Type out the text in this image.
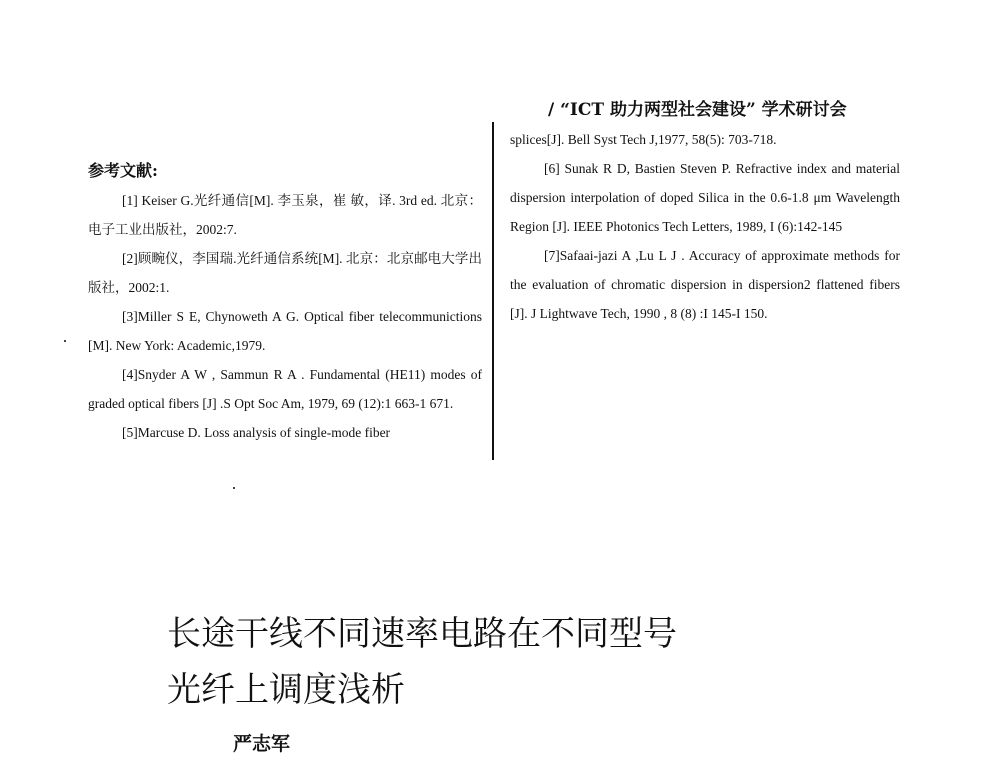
/ “ICT 助力两型社会建设” 学术研讨会
参考文献:

[1] Keiser G.光纤通信[M]. 李玉泉，崔 敏，译. 3rd ed. 北京：电子工业出版社，2002:7.

[2]顾畹仪，李国瑞.光纤通信系统[M]. 北京：北京邮电大学出版社，2002:1.

[3]Miller S E, Chynoweth A G. Optical fiber telecommunictions [M]. New York: Academic,1979.

[4]Snyder A W , Sammun R A . Fundamental (HE11) modes of graded optical fibers [J] .S Opt Soc Am, 1979, 69 (12):1 663-1 671.

[5]Marcuse D. Loss analysis of single-mode fiber

splices[J]. Bell Syst Tech J,1977, 58(5): 703-718.

[6] Sunak R D, Bastien Steven P. Refractive index and material dispersion interpolation of doped Silica in the 0.6-1.8 μm Wavelength Region [J]. IEEE Photonics Tech Letters, 1989, I (6):142-145

[7]Safaai-jazi A ,Lu L J . Accuracy of approximate methods for the evaluation of chromatic dispersion in dispersion2 flattened fibers [J]. J Lightwave Tech, 1990 , 8 (8) :I 145-I 150.

长途干线不同速率电路在不同型号
光纤上调度浅析
严志军
